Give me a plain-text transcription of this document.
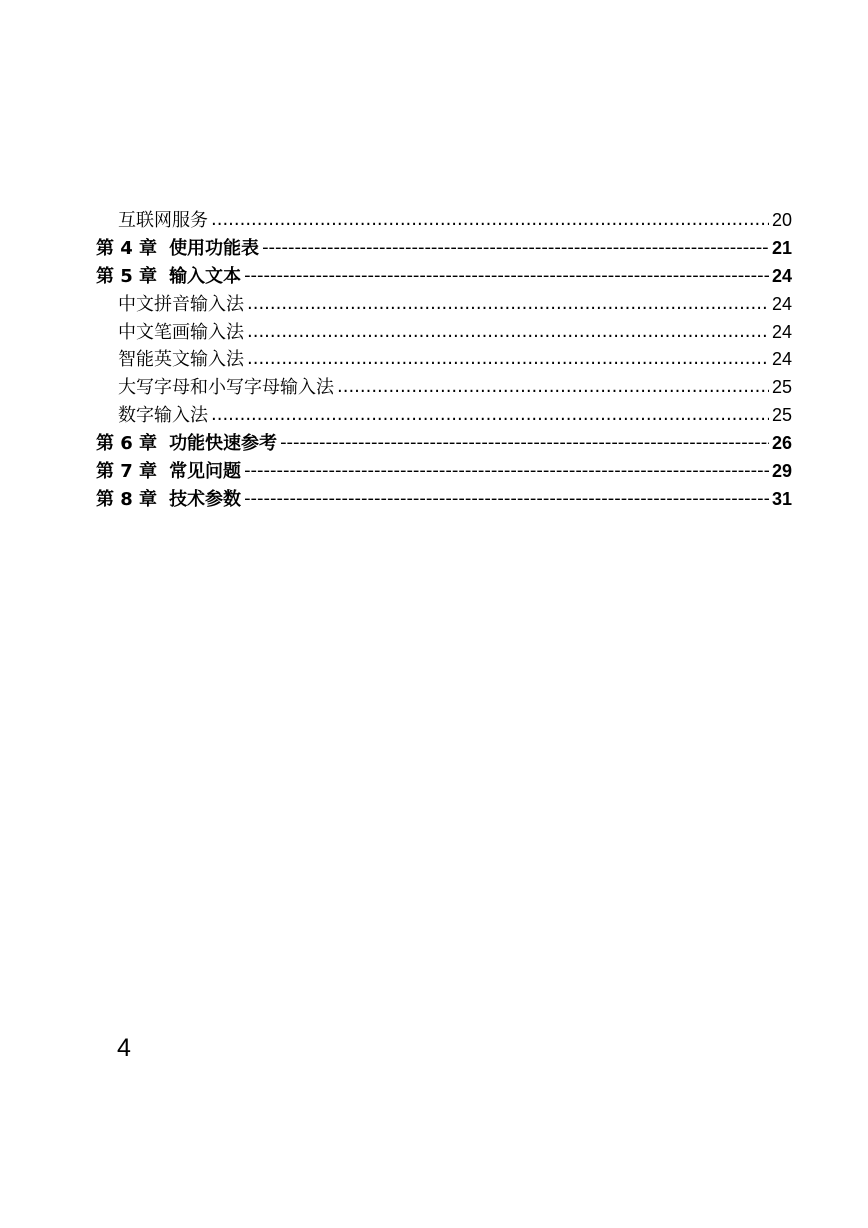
互联网服务 .....	20
第 4 章 使用功能表 -----	21
第 5 章 输入文本 -----	24
中文拼音输入法 .....	24
中文笔画输入法 .....	24
智能英文输入法 .....	24
大写字母和小写字母输入法 .....	25
数字输入法 .....	25
第 6 章 功能快速参考 -----	26
第 7 章 常见问题 -----	29
第 8 章 技术参数 -----	31
4
